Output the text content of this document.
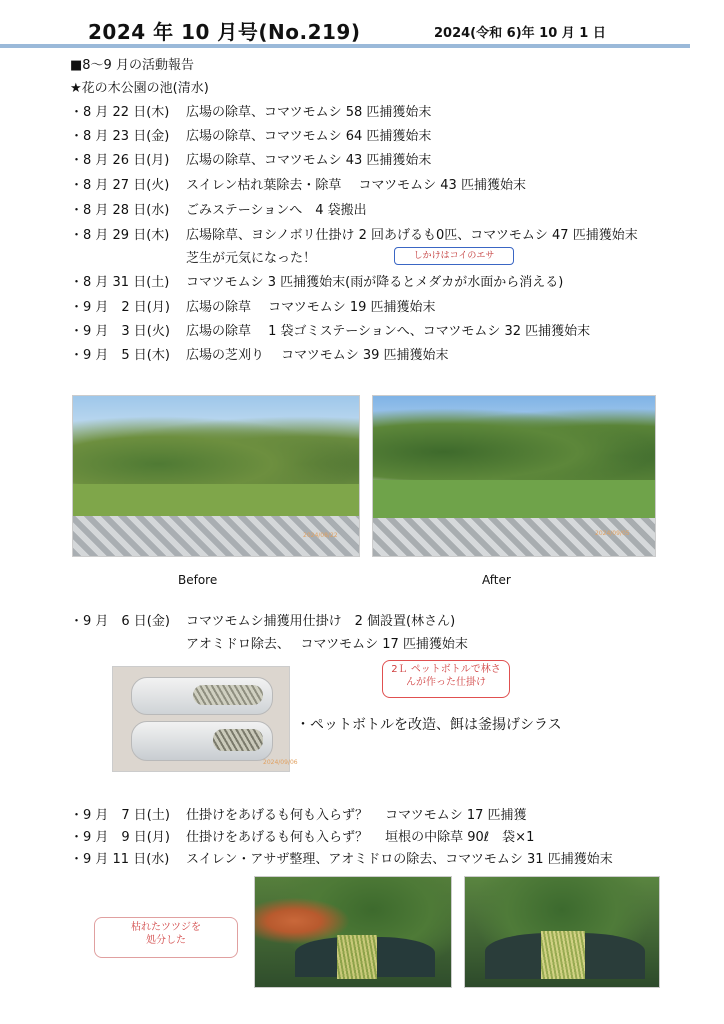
2024 年 10 月号(No.219)	2024(令和 6)年 10 月 1 日
■8～9 月の活動報告
★花の木公園の池(清水)
・8 月 22 日(木) 広場の除草、コマツモムシ 58 匹捕獲始末
・8 月 23 日(金) 広場の除草、コマツモムシ 64 匹捕獲始末
・8 月 26 日(月) 広場の除草、コマツモムシ 43 匹捕獲始末
・8 月 27 日(火) スイレン枯れ葉除去・除草　 コマツモムシ 43 匹捕獲始末
・8 月 28 日(水) ごみステーションへ　4 袋搬出
・8 月 29 日(木) 広場除草、ヨシノボリ仕掛け 2 回あげるも0匹、コマツモムシ 47 匹捕獲始末
芝生が元気になった！	しかけはコイのエサ
・8 月 31 日(土) コマツモムシ 3 匹捕獲始末(雨が降るとメダカが水面から消える)
・9 月　2 日(月) 広場の除草　 コマツモムシ 19 匹捕獲始末
・9 月　3 日(火) 広場の除草　 1 袋ゴミステーションへ、コマツモムシ 32 匹捕獲始末
・9 月　5 日(木) 広場の芝刈り　 コマツモムシ 39 匹捕獲始末
2024/08/22	2024/09/05
Before	After
・9 月　6 日(金) コマツモムシ捕獲用仕掛け　2 個設置(林さん)
アオミドロ除去、　 コマツモムシ 17 匹捕獲始末
2024/09/06
2Ｌ ペットボトルで林さ
んが作った仕掛け
・ペットボトルを改造、餌は釜揚げシラス
・9 月　7 日(土) 仕掛けをあげるも何も入らず？　 コマツモムシ 17 匹捕獲
・9 月　9 日(月) 仕掛けをあげるも何も入らず？　 垣根の中除草 90ℓ　袋×1
・9 月 11 日(水) スイレン・アサザ整理、アオミドロの除去、コマツモムシ 31 匹捕獲始末
枯れたツツジを
処分した
